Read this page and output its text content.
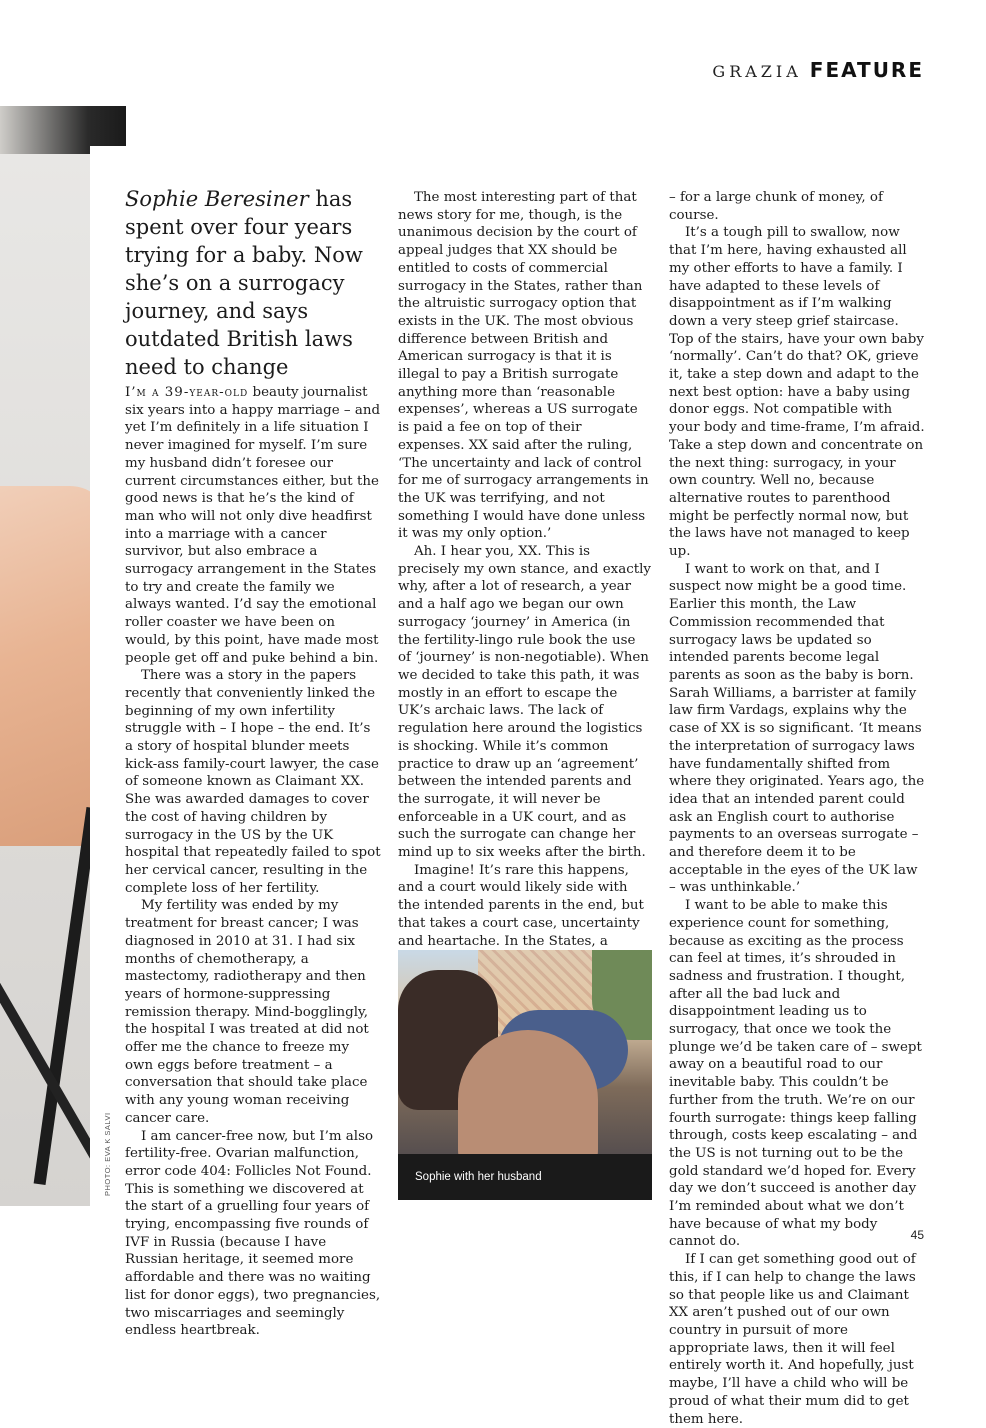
GRAZIA FEATURE
Sophie Beresiner has spent over four years trying for a baby. Now she’s on a surrogacy journey, and says outdated British laws need to change

I’m a 39-year-old beauty journalist six years into a happy marriage – and yet I’m definitely in a life situation I never imagined for myself. I’m sure my husband didn’t foresee our current circumstances either, but the good news is that he’s the kind of man who will not only dive headfirst into a marriage with a cancer survivor, but also embrace a surrogacy arrangement in the States to try and create the family we always wanted. I’d say the emotional roller coaster we have been on would, by this point, have made most people get off and puke behind a bin.

There was a story in the papers recently that conveniently linked the beginning of my own infertility struggle with – I hope – the end. It’s a story of hospital blunder meets kick-ass family-court lawyer, the case of someone known as Claimant XX. She was awarded damages to cover the cost of having children by surrogacy in the US by the UK hospital that repeatedly failed to spot her cervical cancer, resulting in the complete loss of her fertility.

My fertility was ended by my treatment for breast cancer; I was diagnosed in 2010 at 31. I had six months of chemotherapy, a mastectomy, radiotherapy and then years of hormone-suppressing remission therapy. Mind-bogglingly, the hospital I was treated at did not offer me the chance to freeze my own eggs before treatment – a conversation that should take place with any young woman receiving cancer care.

I am cancer-free now, but I’m also fertility-free. Ovarian malfunction, error code 404: Follicles Not Found. This is something we discovered at the start of a gruelling four years of trying, encompassing five rounds of IVF in Russia (because I have Russian heritage, it seemed more affordable and there was no waiting list for donor eggs), two pregnancies, two miscarriages and seemingly endless heartbreak.

The most interesting part of that news story for me, though, is the unanimous decision by the court of appeal judges that XX should be entitled to costs of commercial surrogacy in the States, rather than the altruistic surrogacy option that exists in the UK. The most obvious difference between British and American surrogacy is that it is illegal to pay a British surrogate anything more than ‘reasonable expenses’, whereas a US surrogate is paid a fee on top of their expenses. XX said after the ruling, ‘The uncertainty and lack of control for me of surrogacy arrangements in the UK was terrifying, and not something I would have done unless it was my only option.’

Ah. I hear you, XX. This is precisely my own stance, and exactly why, after a lot of research, a year and a half ago we began our own surrogacy ‘journey’ in America (in the fertility-lingo rule book the use of ‘journey’ is non-negotiable). When we decided to take this path, it was mostly in an effort to escape the UK’s archaic laws. The lack of regulation here around the logistics is shocking. While it’s common practice to draw up an ‘agreement’ between the intended parents and the surrogate, it will never be enforceable in a UK court, and as such the surrogate can change her mind up to six weeks after the birth.

Imagine! It’s rare this happens, and a court would likely side with the intended parents in the end, but that takes a court case, uncertainty and heartache. In the States, a

Sophie with her husband

– for a large chunk of money, of course.

It’s a tough pill to swallow, now that I’m here, having exhausted all my other efforts to have a family. I have adapted to these levels of disappointment as if I’m walking down a very steep grief staircase. Top of the stairs, have your own baby ‘normally’. Can’t do that? OK, grieve it, take a step down and adapt to the next best option: have a baby using donor eggs. Not compatible with your body and time-frame, I’m afraid. Take a step down and concentrate on the next thing: surrogacy, in your own country. Well no, because alternative routes to parenthood might be perfectly normal now, but the laws have not managed to keep up.

I want to work on that, and I suspect now might be a good time. Earlier this month, the Law Commission recommended that surrogacy laws be updated so intended parents become legal parents as soon as the baby is born. Sarah Williams, a barrister at family law firm Vardags, explains why the case of XX is so significant. ‘It means the interpretation of surrogacy laws have fundamentally shifted from where they originated. Years ago, the idea that an intended parent could ask an English court to authorise payments to an overseas surrogate – and therefore deem it to be acceptable in the eyes of the UK law – was unthinkable.’

I want to be able to make this experience count for something, because as exciting as the process can feel at times, it’s shrouded in sadness and frustration. I thought, after all the bad luck and disappointment leading us to surrogacy, that once we took the plunge we’d be taken care of – swept away on a beautiful road to our inevitable baby. This couldn’t be further from the truth. We’re on our fourth surrogate: things keep falling through, costs keep escalating – and the US is not turning out to be the gold standard we’d hoped for. Every day we don’t succeed is another day I’m reminded about what we don’t have because of what my body cannot do.

If I can get something good out of this, if I can help to change the laws so that people like us and Claimant XX aren’t pushed out of our own country in pursuit of more appropriate laws, then it will feel entirely worth it. And hopefully, just maybe, I’ll have a child who will be proud of what their mum did to get them here.

PHOTO: EVA K SALVI
45
